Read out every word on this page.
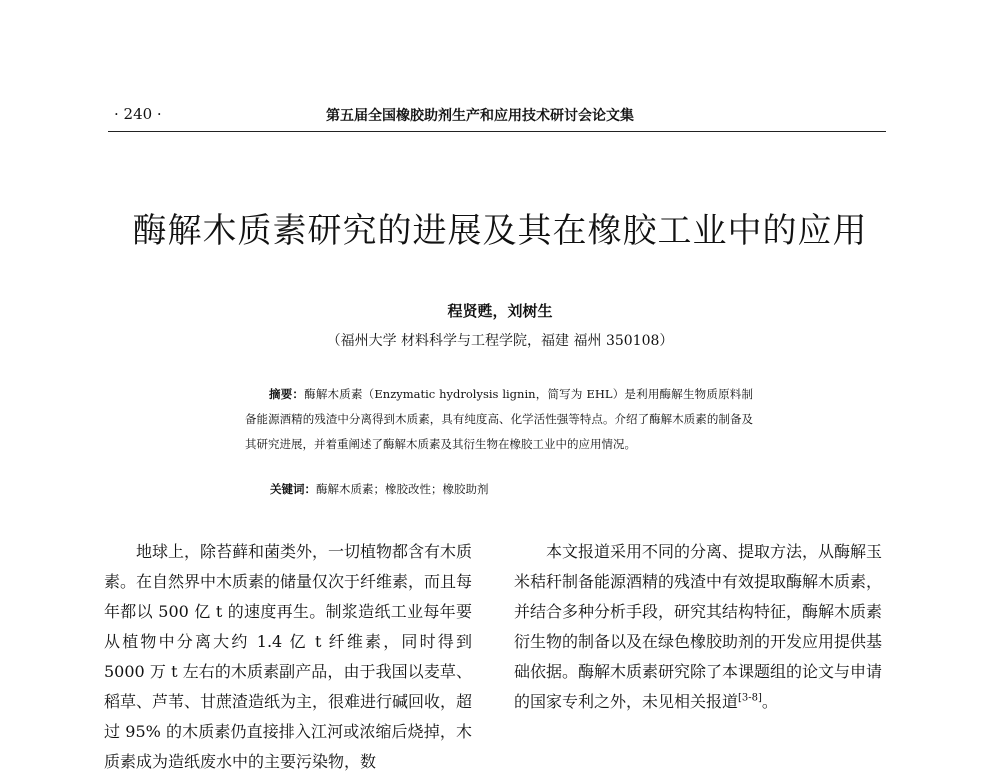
· 240 ·	第五届全国橡胶助剂生产和应用技术研讨会论文集
酶解木质素研究的进展及其在橡胶工业中的应用
程贤甦，刘树生
（福州大学 材料科学与工程学院，福建 福州 350108）
摘要：酶解木质素（Enzymatic hydrolysis lignin，简写为 EHL）是利用酶解生物质原料制备能源酒精的残渣中分离得到木质素，具有纯度高、化学活性强等特点。介绍了酶解木质素的制备及其研究进展，并着重阐述了酶解木质素及其衍生物在橡胶工业中的应用情况。
关键词：酶解木质素；橡胶改性；橡胶助剂
地球上，除苔藓和菌类外，一切植物都含有木质素。在自然界中木质素的储量仅次于纤维素，而且每年都以 500 亿 t 的速度再生。制浆造纸工业每年要从植物中分离大约 1.4 亿 t 纤维素，同时得到 5000 万 t 左右的木质素副产品，由于我国以麦草、稻草、芦苇、甘蔗渣造纸为主，很难进行碱回收，超过 95% 的木质素仍直接排入江河或浓缩后烧掉，木质素成为造纸废水中的主要污染物，数
本文报道采用不同的分离、提取方法，从酶解玉米秸秆制备能源酒精的残渣中有效提取酶解木质素，并结合多种分析手段，研究其结构特征，酶解木质素衍生物的制备以及在绿色橡胶助剂的开发应用提供基础依据。酶解木质素研究除了本课题组的论文与申请的国家专利之外，未见相关报道[3-8]。
